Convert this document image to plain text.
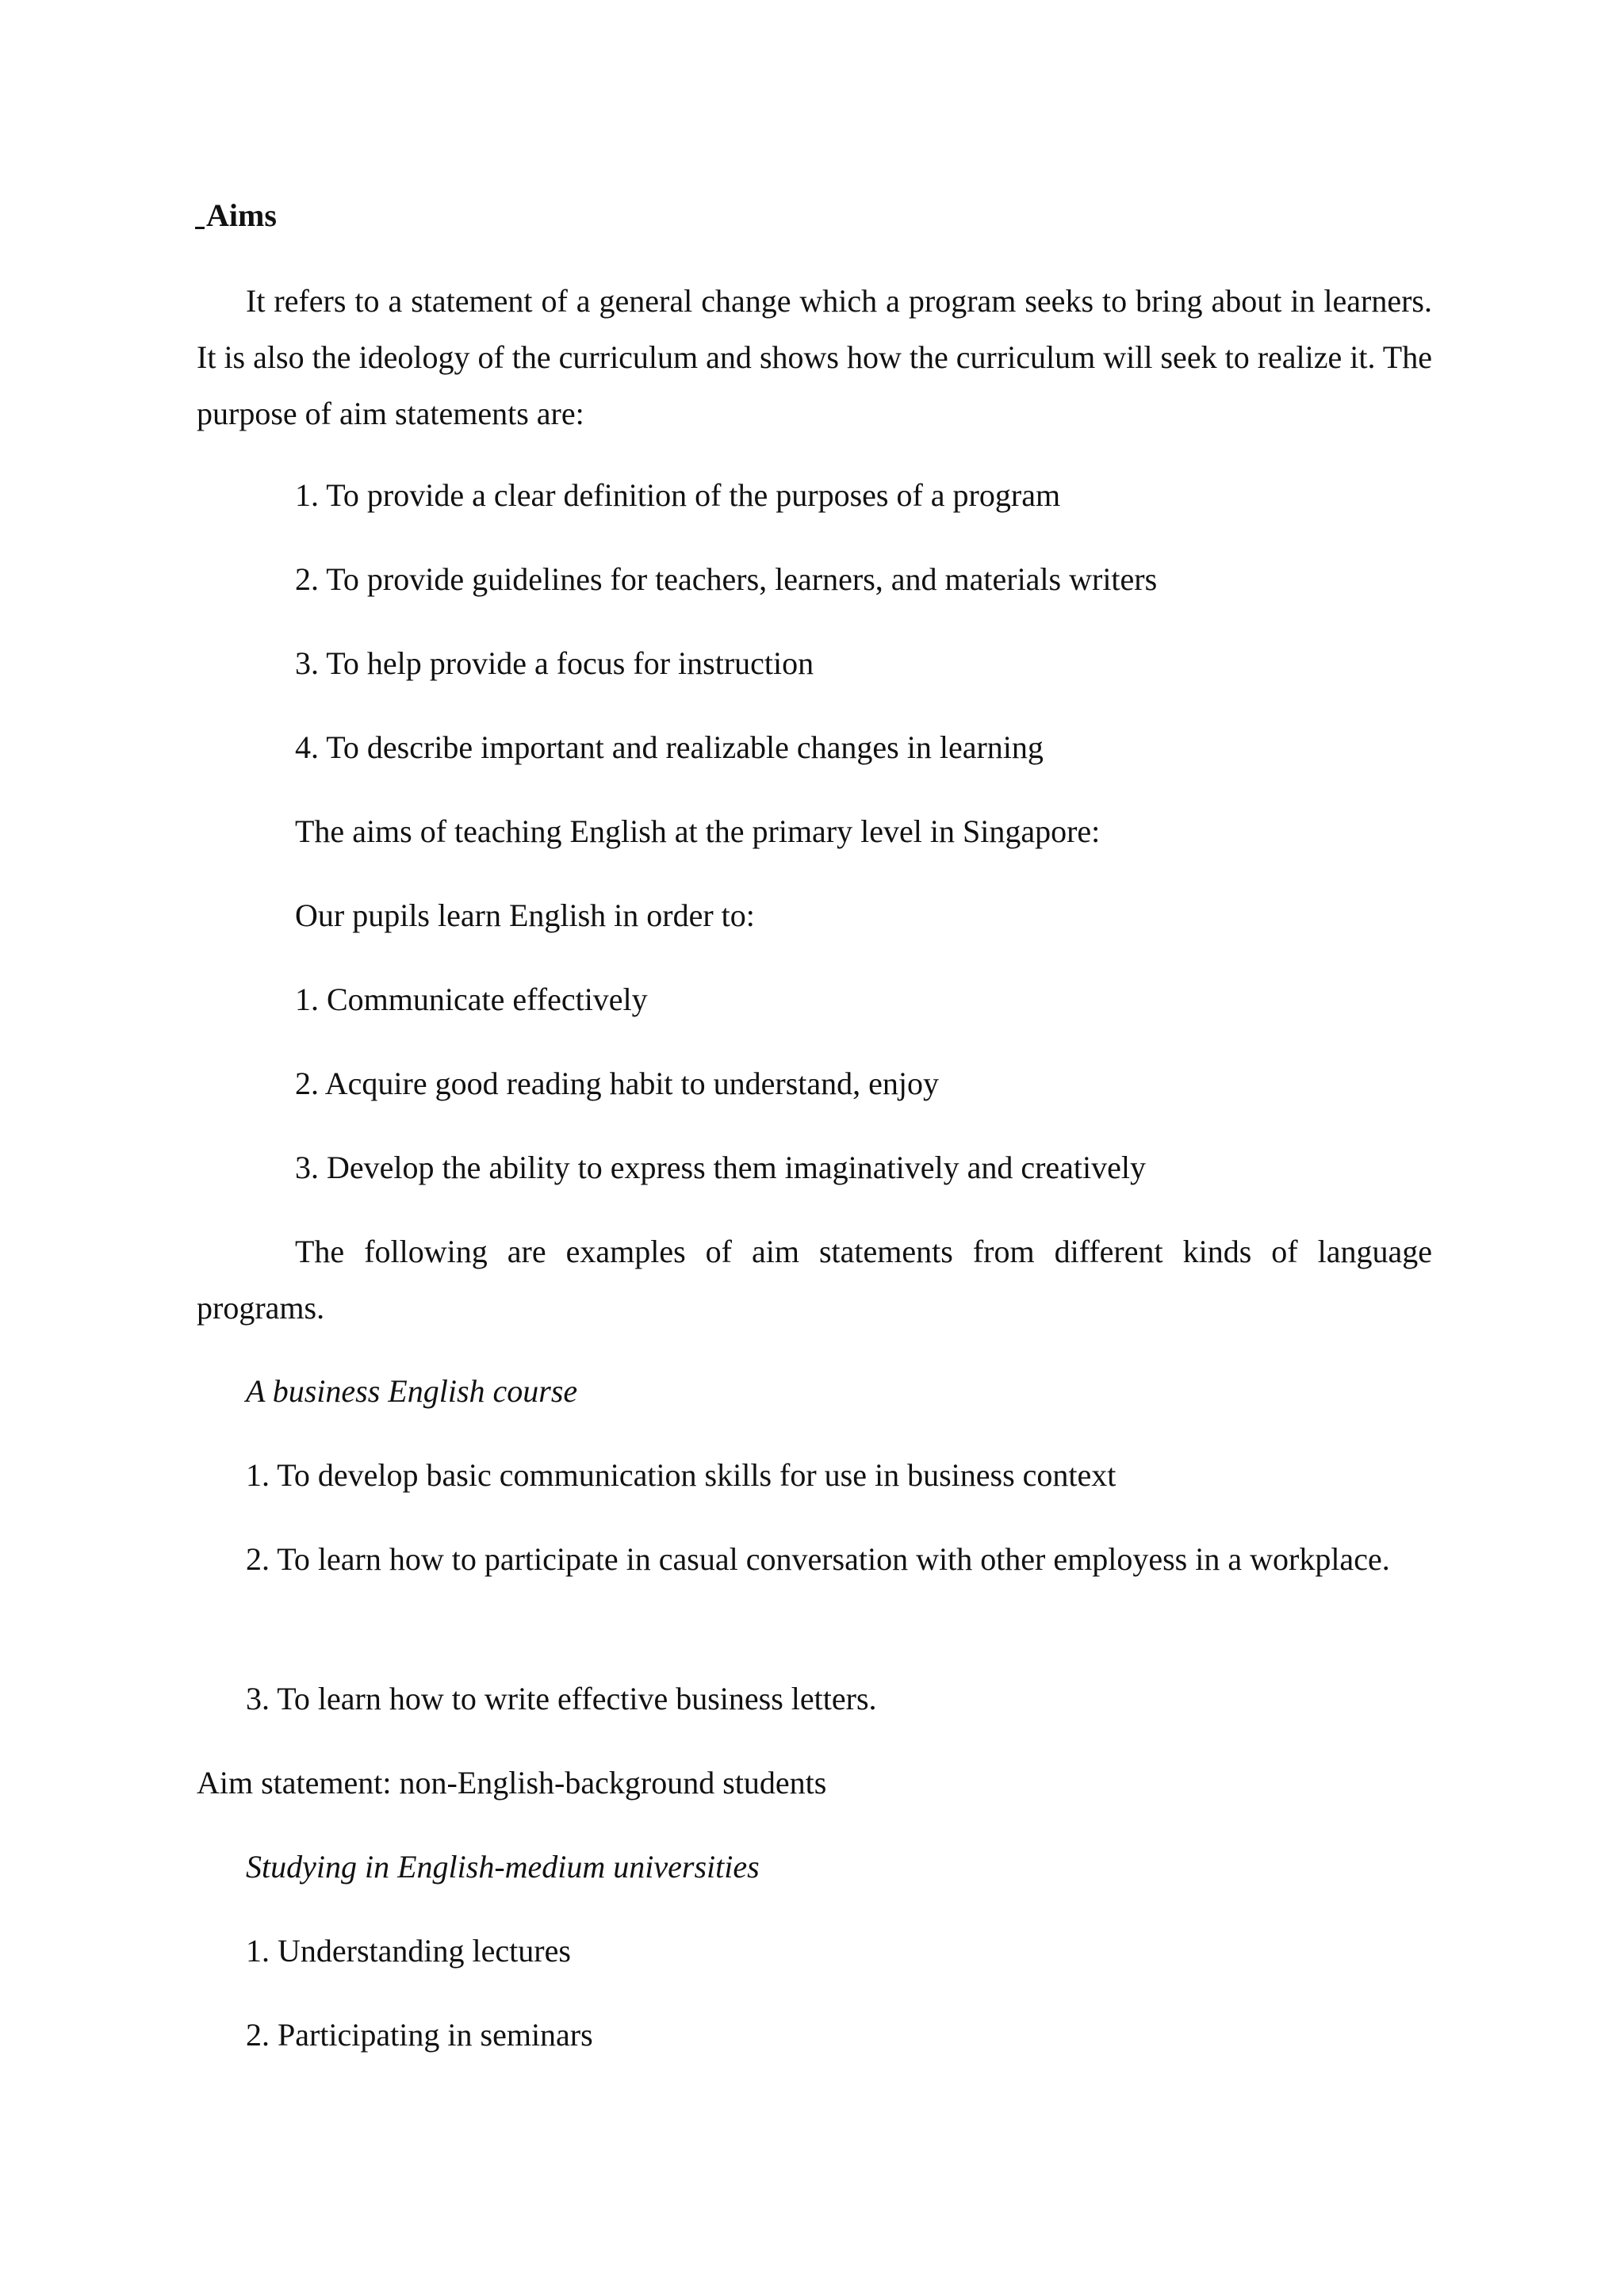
Aims
It refers to a statement of a general change which a program seeks to bring about in learners. It is also the ideology of the curriculum and shows how the curriculum will seek to realize it. The purpose of aim statements are:
1. To provide a clear definition of the purposes of a program
2. To provide guidelines for teachers, learners, and materials writers
3. To help provide a focus for instruction
4. To describe important and realizable changes in learning
The aims of teaching English at the primary level in Singapore:
Our pupils learn English in order to:
1. Communicate effectively
2. Acquire good reading habit to understand, enjoy
3. Develop the ability to express them imaginatively and creatively
The following are examples of aim statements from different kinds of language programs.
A business English course
1. To develop basic communication skills for use in business context
2. To learn how to participate in casual conversation with other employess in a workplace.
3. To learn how to write effective business letters.
Aim statement: non-English-background students
Studying in English-medium universities
1. Understanding lectures
2. Participating in seminars
